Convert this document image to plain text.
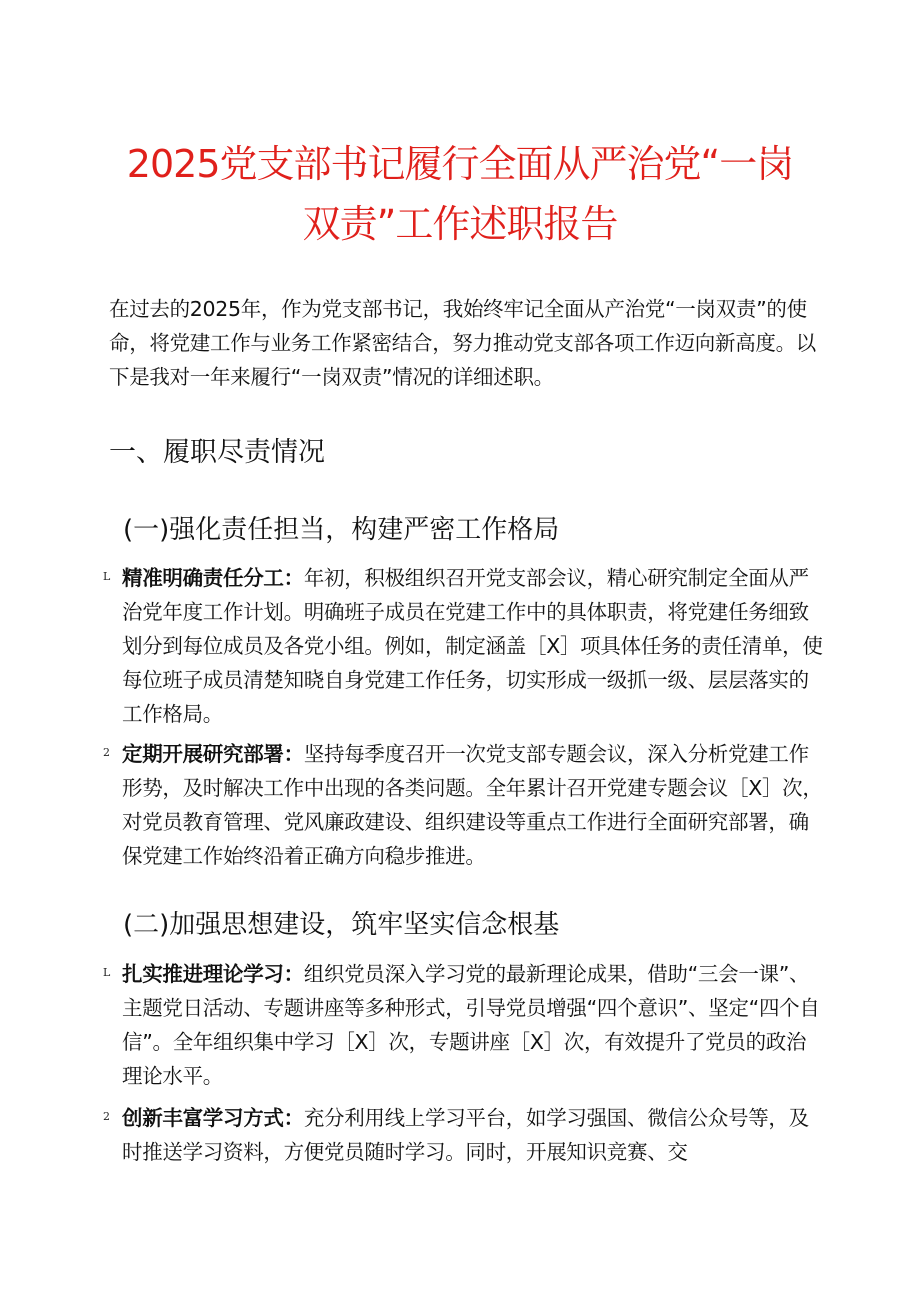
2025党支部书记履行全面从严治党“一岗
双责”工作述职报告
在过去的2025年，作为党支部书记，我始终牢记全面从产治党“一岗双责”的使命，将党建工作与业务工作紧密结合，努力推动党支部各项工作迈向新高度。以下是我对一年来履行“一岗双责”情况的详细述职。
一、履职尽责情况
(一)强化责任担当，构建严密工作格局
L 精准明确责任分工：年初，积极组织召开党支部会议，精心研究制定全面从严治党年度工作计划。明确班子成员在党建工作中的具体职责，将党建任务细致划分到每位成员及各党小组。例如，制定涵盖［X］项具体任务的责任清单，使每位班子成员清楚知晓自身党建工作任务，切实形成一级抓一级、层层落实的工作格局。
2 定期开展研究部署：坚持每季度召开一次党支部专题会议，深入分析党建工作形势，及时解决工作中出现的各类问题。全年累计召开党建专题会议［X］次，对党员教育管理、党风廉政建设、组织建设等重点工作进行全面研究部署，确保党建工作始终沿着正确方向稳步推进。
(二)加强思想建设，筑牢坚实信念根基
L 扎实推进理论学习：组织党员深入学习党的最新理论成果，借助“三会一课”、主题党日活动、专题讲座等多种形式，引导党员增强“四个意识”、坚定“四个自信”。全年组织集中学习［X］次，专题讲座［X］次，有效提升了党员的政治理论水平。
2 创新丰富学习方式：充分利用线上学习平台，如学习强国、微信公众号等，及时推送学习资料，方便党员随时学习。同时，开展知识竞赛、交
